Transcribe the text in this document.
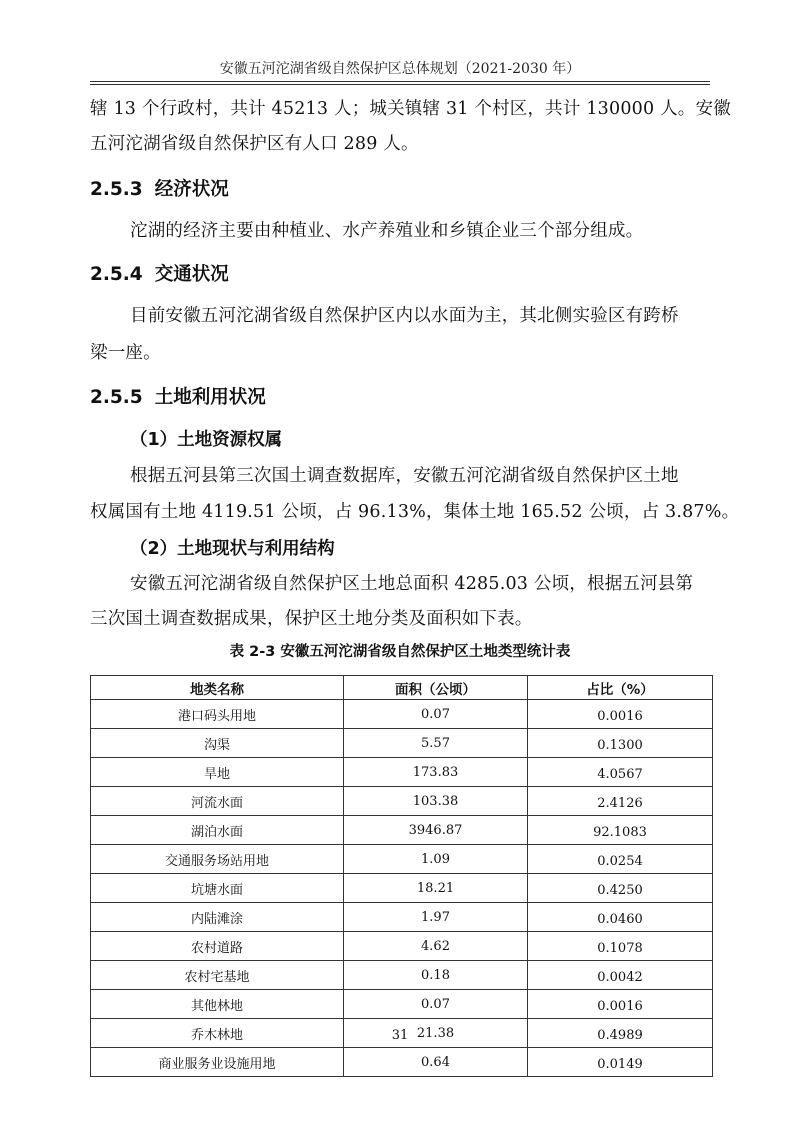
安徽五河沱湖省级自然保护区总体规划（2021-2030 年）
辖 13 个行政村，共计 45213 人；城关镇辖 31 个村区，共计 130000 人。安徽
五河沱湖省级自然保护区有人口 289 人。
2.5.3 经济状况
沱湖的经济主要由种植业、水产养殖业和乡镇企业三个部分组成。
2.5.4 交通状况
目前安徽五河沱湖省级自然保护区内以水面为主，其北侧实验区有跨桥
梁一座。
2.5.5 土地利用状况
（1）土地资源权属
根据五河县第三次国土调查数据库，安徽五河沱湖省级自然保护区土地
权属国有土地 4119.51 公顷，占 96.13%，集体土地 165.52 公顷，占 3.87%。
（2）土地现状与利用结构
安徽五河沱湖省级自然保护区土地总面积 4285.03 公顷，根据五河县第
三次国土调查数据成果，保护区土地分类及面积如下表。
表 2-3 安徽五河沱湖省级自然保护区土地类型统计表
地类名称	面积（公顷）	占比（%）
港口码头用地	0.07	0.0016
沟渠	5.57	0.1300
旱地	173.83	4.0567
河流水面	103.38	2.4126
湖泊水面	3946.87	92.1083
交通服务场站用地	1.09	0.0254
坑塘水面	18.21	0.4250
内陆滩涂	1.97	0.0460
农村道路	4.62	0.1078
农村宅基地	0.18	0.0042
其他林地	0.07	0.0016
乔木林地	21.38	0.4989
商业服务业设施用地	0.64	0.0149
31
